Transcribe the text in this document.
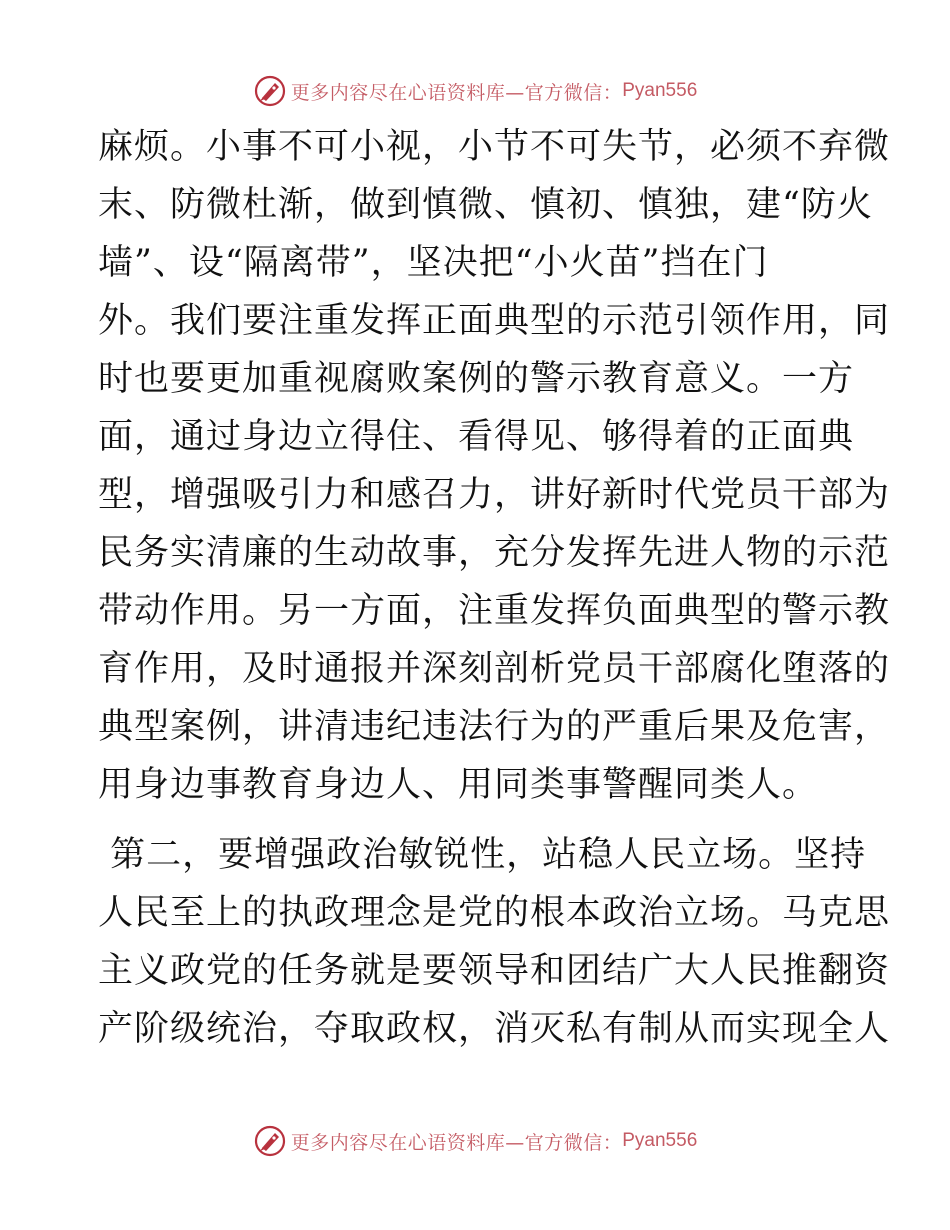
更多内容尽在心语资料库—官方微信： Pyan556
麻烦。小事不可小视，小节不可失节，必须不弃微
末、防微杜渐，做到慎微、慎初、慎独，建“防火
墙”、设“隔离带”，坚决把“小火苗”挡在门
外。我们要注重发挥正面典型的示范引领作用，同
时也要更加重视腐败案例的警示教育意义。一方
面，通过身边立得住、看得见、够得着的正面典
型，增强吸引力和感召力，讲好新时代党员干部为
民务实清廉的生动故事，充分发挥先进人物的示范
带动作用。另一方面，注重发挥负面典型的警示教
育作用，及时通报并深刻剖析党员干部腐化堕落的
典型案例，讲清违纪违法行为的严重后果及危害，
用身边事教育身边人、用同类事警醒同类人。
第二，要增强政治敏锐性，站稳人民立场。坚持
人民至上的执政理念是党的根本政治立场。马克思
主义政党的任务就是要领导和团结广大人民推翻资
产阶级统治，夺取政权，消灭私有制从而实现全人
更多内容尽在心语资料库—官方微信： Pyan556
